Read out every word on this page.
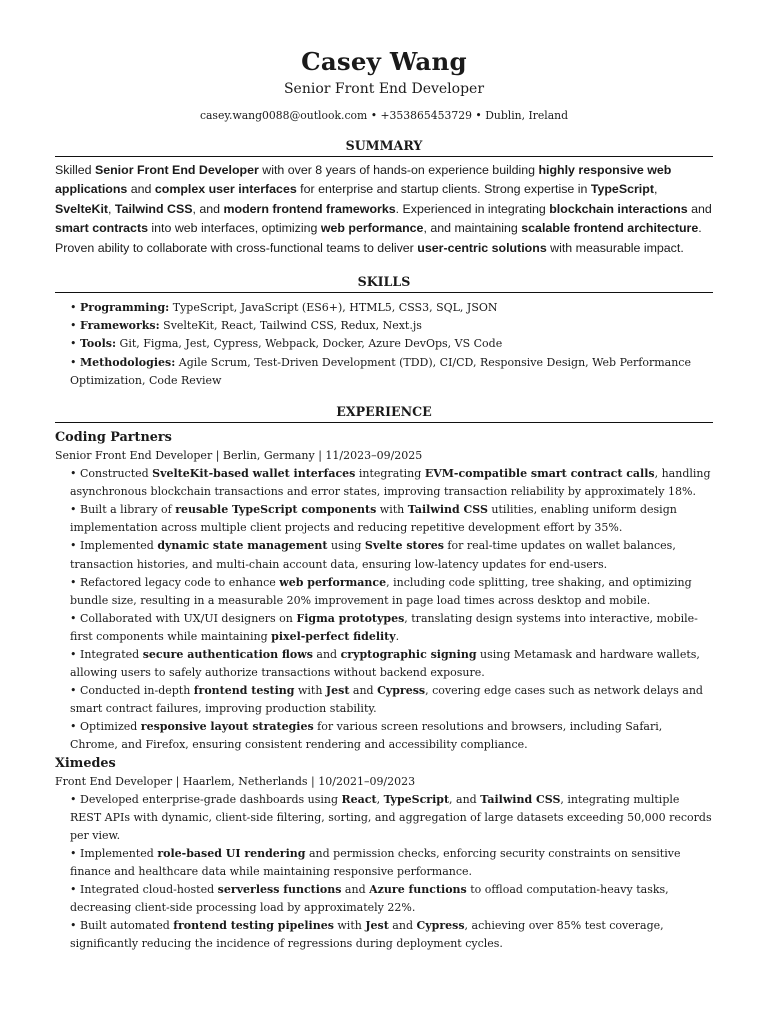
Casey Wang
Senior Front End Developer
casey.wang0088@outlook.com • +353865453729 • Dublin, Ireland
SUMMARY

Skilled Senior Front End Developer with over 8 years of hands-on experience building highly responsive web applications and complex user interfaces for enterprise and startup clients. Strong expertise in TypeScript, SvelteKit, Tailwind CSS, and modern frontend frameworks. Experienced in integrating blockchain interactions and smart contracts into web interfaces, optimizing web performance, and maintaining scalable frontend architecture. Proven ability to collaborate with cross-functional teams to deliver user-centric solutions with measurable impact.

SKILLS
• Programming: TypeScript, JavaScript (ES6+), HTML5, CSS3, SQL, JSON
• Frameworks: SvelteKit, React, Tailwind CSS, Redux, Next.js
• Tools: Git, Figma, Jest, Cypress, Webpack, Docker, Azure DevOps, VS Code
• Methodologies: Agile Scrum, Test-Driven Development (TDD), CI/CD, Responsive Design, Web Performance Optimization, Code Review
EXPERIENCE
Coding Partners
Senior Front End Developer | Berlin, Germany | 11/2023–09/2025
• Constructed SvelteKit-based wallet interfaces integrating EVM-compatible smart contract calls, handling asynchronous blockchain transactions and error states, improving transaction reliability by approximately 18%.
• Built a library of reusable TypeScript components with Tailwind CSS utilities, enabling uniform design implementation across multiple client projects and reducing repetitive development effort by 35%.
• Implemented dynamic state management using Svelte stores for real-time updates on wallet balances, transaction histories, and multi-chain account data, ensuring low-latency updates for end-users.
• Refactored legacy code to enhance web performance, including code splitting, tree shaking, and optimizing bundle size, resulting in a measurable 20% improvement in page load times across desktop and mobile.
• Collaborated with UX/UI designers on Figma prototypes, translating design systems into interactive, mobile-first components while maintaining pixel-perfect fidelity.
• Integrated secure authentication flows and cryptographic signing using Metamask and hardware wallets, allowing users to safely authorize transactions without backend exposure.
• Conducted in-depth frontend testing with Jest and Cypress, covering edge cases such as network delays and smart contract failures, improving production stability.
• Optimized responsive layout strategies for various screen resolutions and browsers, including Safari, Chrome, and Firefox, ensuring consistent rendering and accessibility compliance.
Ximedes
Front End Developer | Haarlem, Netherlands | 10/2021–09/2023
• Developed enterprise-grade dashboards using React, TypeScript, and Tailwind CSS, integrating multiple REST APIs with dynamic, client-side filtering, sorting, and aggregation of large datasets exceeding 50,000 records per view.
• Implemented role-based UI rendering and permission checks, enforcing security constraints on sensitive finance and healthcare data while maintaining responsive performance.
• Integrated cloud-hosted serverless functions and Azure functions to offload computation-heavy tasks, decreasing client-side processing load by approximately 22%.
• Built automated frontend testing pipelines with Jest and Cypress, achieving over 85% test coverage, significantly reducing the incidence of regressions during deployment cycles.
